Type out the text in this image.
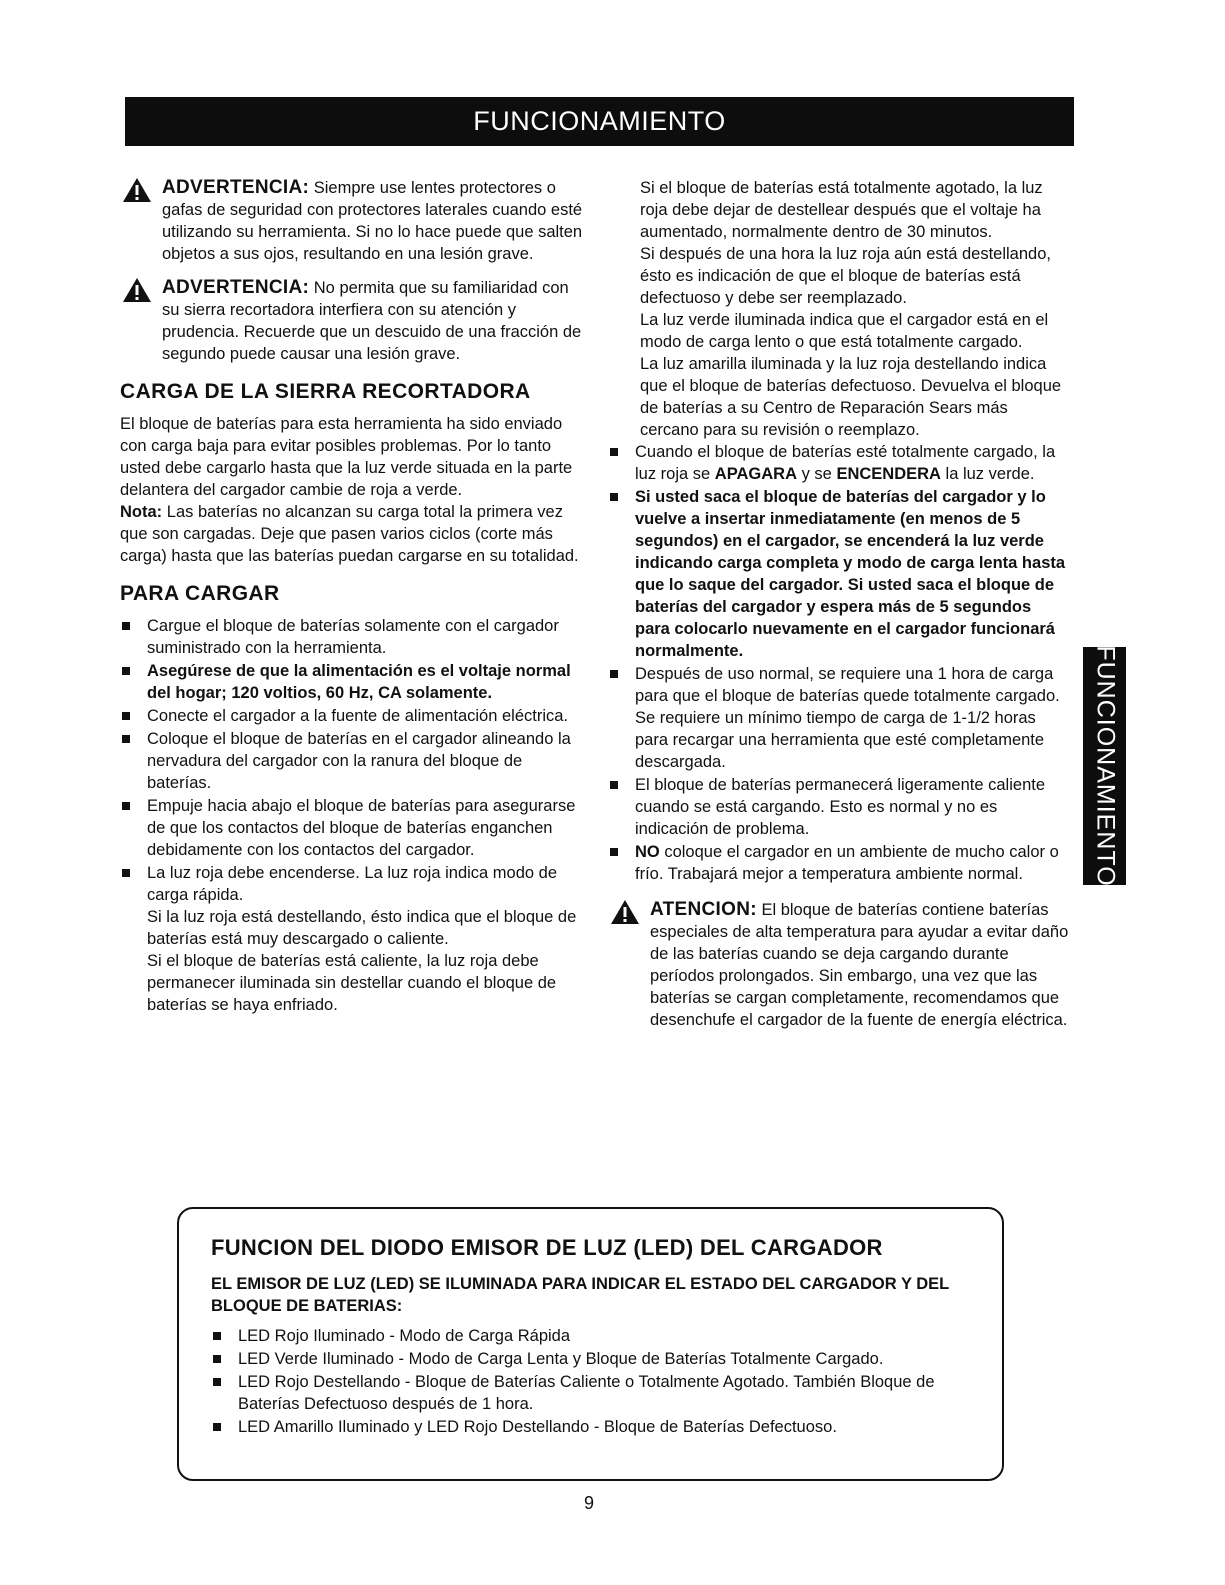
FUNCIONAMIENTO
FUNCIONAMIENTO
ADVERTENCIA: Siempre use lentes protectores o gafas de seguridad con protectores laterales cuando esté utilizando su herramienta. Si no lo hace puede que salten objetos a sus ojos, resultando en una lesión grave.
ADVERTENCIA: No permita que su familiaridad con su sierra recortadora interfiera con su atención y prudencia. Recuerde que un descuido de una fracción de segundo puede causar una lesión grave.
CARGA DE LA SIERRA RECORTADORA

El bloque de baterías para esta herramienta ha sido enviado con carga baja para evitar posibles problemas. Por lo tanto usted debe cargarlo hasta que la luz verde situada en la parte delantera del cargador cambie de roja a verde.

Nota: Las baterías no alcanzan su carga total la primera vez que son cargadas. Deje que pasen varios ciclos (corte más carga) hasta que las baterías puedan cargarse en su totalidad.

PARA CARGAR
Cargue el bloque de baterías solamente con el cargador suministrado con la herramienta.
Asegúrese de que la alimentación es el voltaje normal del hogar; 120 voltios, 60 Hz, CA solamente.
Conecte el cargador a la fuente de alimentación eléctrica.
Coloque el bloque de baterías en el cargador alineando la nervadura del cargador con la ranura del bloque de baterías.
Empuje hacia abajo el bloque de baterías para asegurarse de que los contactos del bloque de baterías enganchen debidamente con los contactos del cargador.
La luz roja debe encenderse. La luz roja indica modo de carga rápida.
Si la luz roja está destellando, ésto indica que el bloque de baterías está muy descargado o caliente.
Si el bloque de baterías está caliente, la luz roja debe permanecer iluminada sin destellar cuando el bloque de baterías se haya enfriado.
Si el bloque de baterías está totalmente agotado, la luz roja debe dejar de destellear después que el voltaje ha aumentado, normalmente dentro de 30 minutos.
Si después de una hora la luz roja aún está destellando, ésto es indicación de que el bloque de baterías está defectuoso y debe ser reemplazado.
La luz verde iluminada indica que el cargador está en el modo de carga lento o que está totalmente cargado.
La luz amarilla iluminada y la luz roja destellando indica que el bloque de baterías defectuoso. Devuelva el bloque de baterías a su Centro de Reparación Sears más cercano para su revisión o reemplazo.
Cuando el bloque de baterías esté totalmente cargado, la luz roja se APAGARA y se ENCENDERA la luz verde.
Si usted saca el bloque de baterías del cargador y lo vuelve a insertar inmediatamente (en menos de 5 segundos) en el cargador, se encenderá la luz verde indicando carga completa y modo de carga lenta hasta que lo saque del cargador. Si usted saca el bloque de baterías del cargador y espera más de 5 segundos para colocarlo nuevamente en el cargador funcionará normalmente.
Después de uso normal, se requiere una 1 hora de carga para que el bloque de baterías quede totalmente cargado. Se requiere un mínimo tiempo de carga de 1-1/2 horas para recargar una herramienta que esté completamente descargada.
El bloque de baterías permanecerá ligeramente caliente cuando se está cargando. Esto es normal y no es indicación de problema.
NO coloque el cargador en un ambiente de mucho calor o frío. Trabajará mejor a temperatura ambiente normal.
ATENCION: El bloque de baterías contiene baterías especiales de alta temperatura para ayudar a evitar daño de las baterías cuando se deja cargando durante períodos prolongados. Sin embargo, una vez que las baterías se cargan completamente, recomendamos que desenchufe el cargador de la fuente de energía eléctrica.
FUNCION DEL DIODO EMISOR DE LUZ (LED) DEL CARGADOR
EL EMISOR DE LUZ (LED) SE ILUMINADA PARA INDICAR EL ESTADO DEL CARGADOR Y DEL BLOQUE DE BATERIAS:
LED Rojo Iluminado - Modo de Carga Rápida
LED Verde Iluminado - Modo de Carga Lenta y Bloque de Baterías Totalmente Cargado.
LED Rojo Destellando - Bloque de Baterías Caliente o Totalmente Agotado. También Bloque de Baterías Defectuoso después de 1 hora.
LED Amarillo Iluminado y LED Rojo Destellando - Bloque de Baterías Defectuoso.
9
